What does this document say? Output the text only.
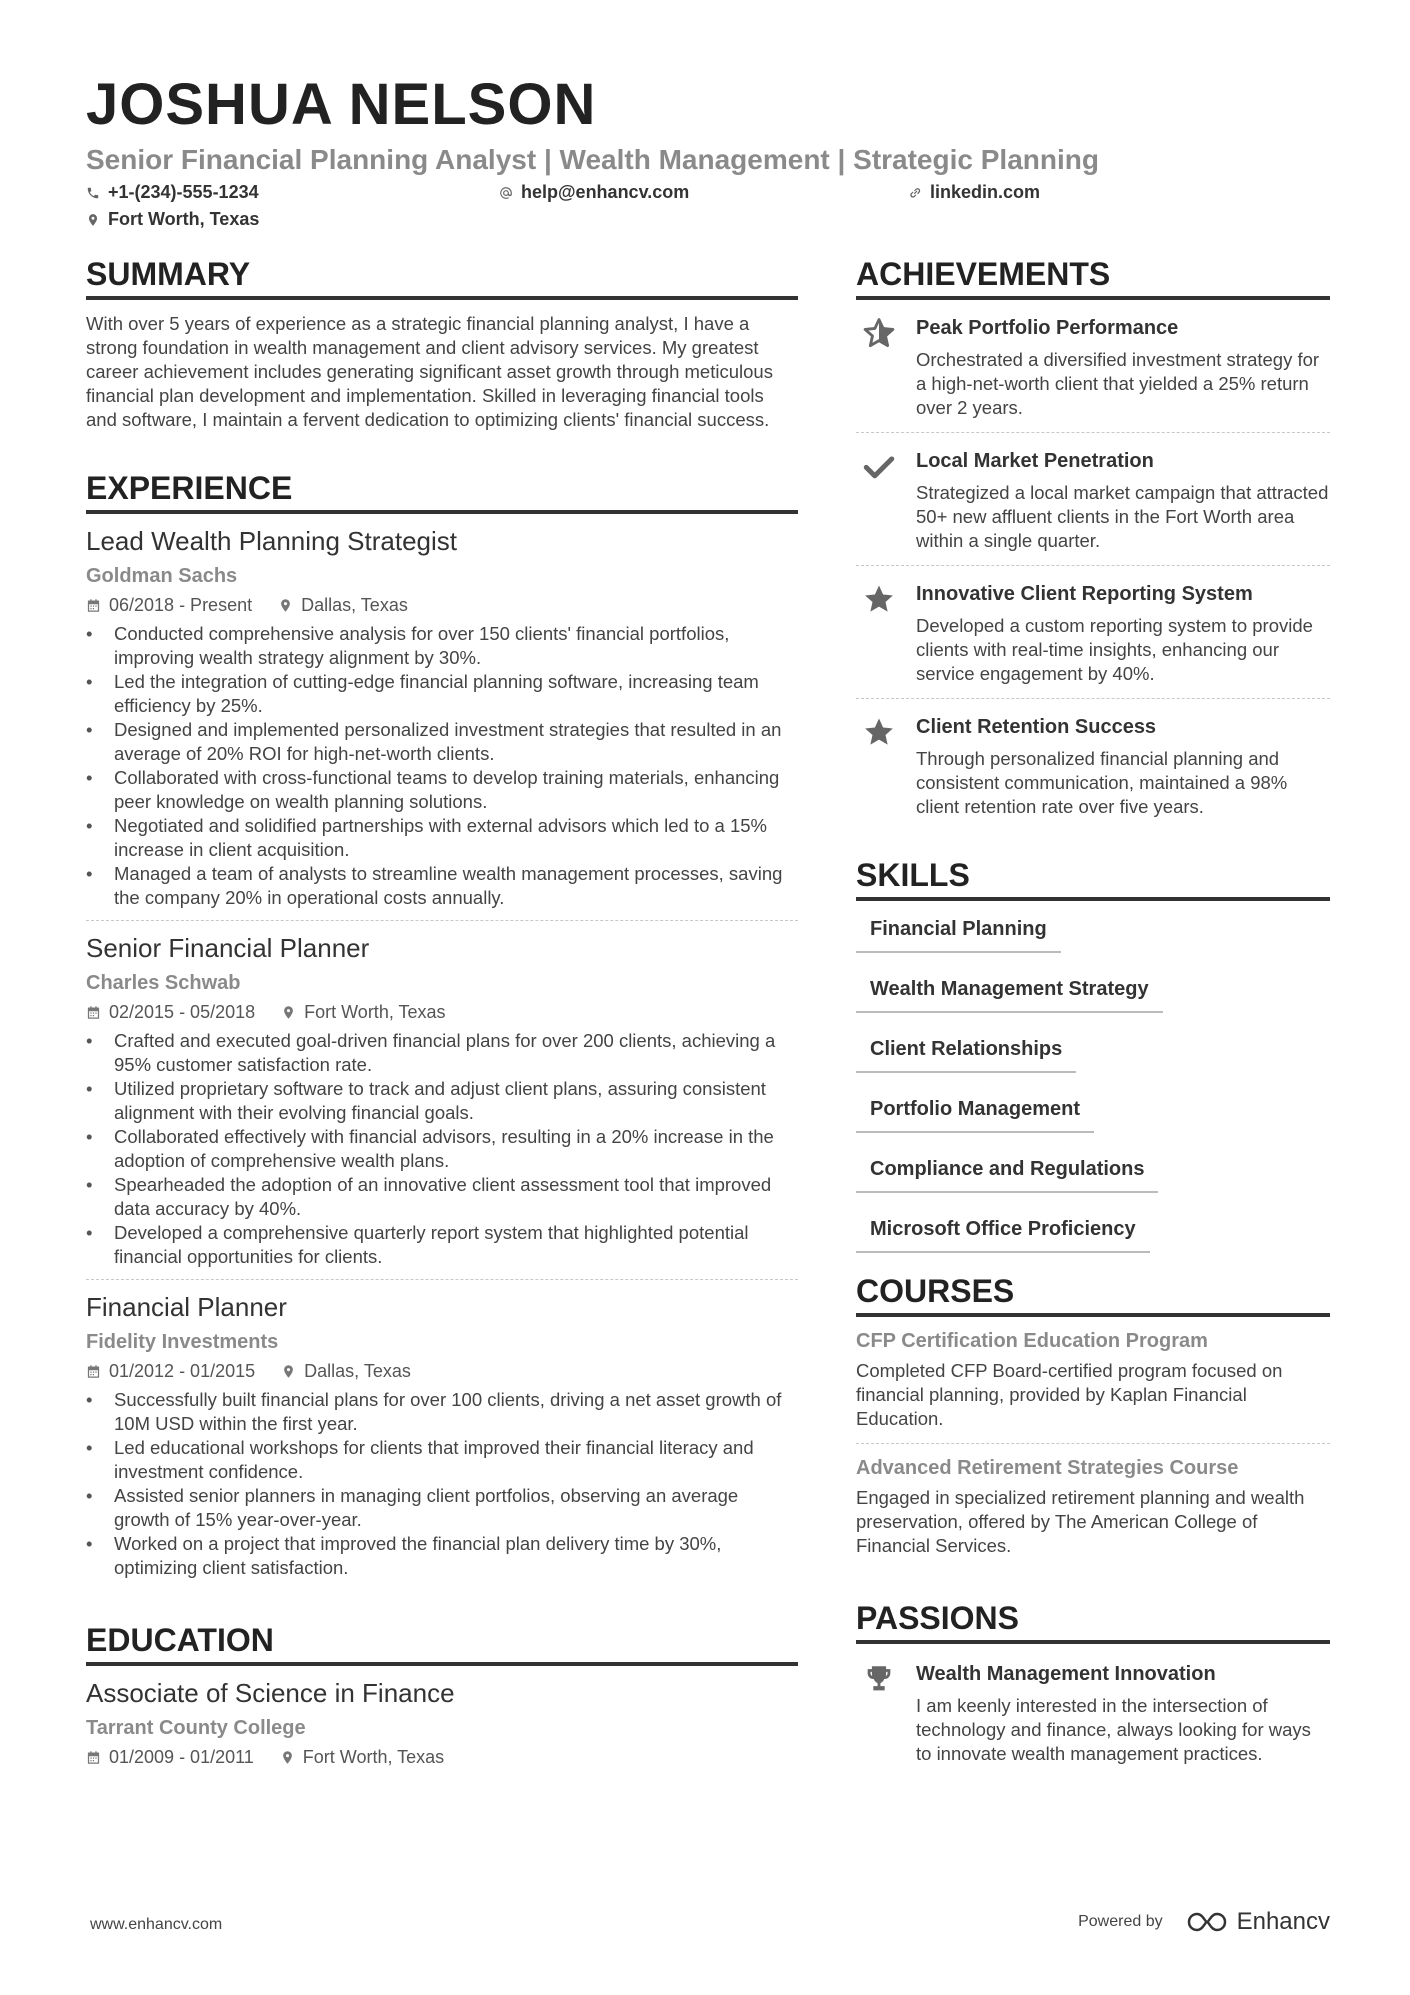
JOSHUA NELSON
Senior Financial Planning Analyst | Wealth Management | Strategic Planning
+1-(234)-555-1234	help@enhancv.com	linkedin.com
Fort Worth, Texas
SUMMARY

With over 5 years of experience as a strategic financial planning analyst, I have a strong foundation in wealth management and client advisory services. My greatest career achievement includes generating significant asset growth through meticulous financial plan development and implementation. Skilled in leveraging financial tools and software, I maintain a fervent dedication to optimizing clients' financial success.

EXPERIENCE
Lead Wealth Planning Strategist
Goldman Sachs
06/2018 - Present	Dallas, Texas
• Conducted comprehensive analysis for over 150 clients' financial portfolios, improving wealth strategy alignment by 30%.
• Led the integration of cutting-edge financial planning software, increasing team efficiency by 25%.
• Designed and implemented personalized investment strategies that resulted in an average of 20% ROI for high-net-worth clients.
• Collaborated with cross-functional teams to develop training materials, enhancing peer knowledge on wealth planning solutions.
• Negotiated and solidified partnerships with external advisors which led to a 15% increase in client acquisition.
• Managed a team of analysts to streamline wealth management processes, saving the company 20% in operational costs annually.
Senior Financial Planner
Charles Schwab
02/2015 - 05/2018	Fort Worth, Texas
• Crafted and executed goal-driven financial plans for over 200 clients, achieving a 95% customer satisfaction rate.
• Utilized proprietary software to track and adjust client plans, assuring consistent alignment with their evolving financial goals.
• Collaborated effectively with financial advisors, resulting in a 20% increase in the adoption of comprehensive wealth plans.
• Spearheaded the adoption of an innovative client assessment tool that improved data accuracy by 40%.
• Developed a comprehensive quarterly report system that highlighted potential financial opportunities for clients.
Financial Planner
Fidelity Investments
01/2012 - 01/2015	Dallas, Texas
• Successfully built financial plans for over 100 clients, driving a net asset growth of 10M USD within the first year.
• Led educational workshops for clients that improved their financial literacy and investment confidence.
• Assisted senior planners in managing client portfolios, observing an average growth of 15% year-over-year.
• Worked on a project that improved the financial plan delivery time by 30%, optimizing client satisfaction.
EDUCATION
Associate of Science in Finance
Tarrant County College
01/2009 - 01/2011	Fort Worth, Texas
ACHIEVEMENTS
Peak Portfolio Performance
Orchestrated a diversified investment strategy for a high-net-worth client that yielded a 25% return over 2 years.
Local Market Penetration
Strategized a local market campaign that attracted 50+ new affluent clients in the Fort Worth area within a single quarter.
Innovative Client Reporting System
Developed a custom reporting system to provide clients with real-time insights, enhancing our service engagement by 40%.
Client Retention Success
Through personalized financial planning and consistent communication, maintained a 98% client retention rate over five years.
SKILLS
Financial Planning
Wealth Management Strategy
Client Relationships
Portfolio Management
Compliance and Regulations
Microsoft Office Proficiency
COURSES
CFP Certification Education Program
Completed CFP Board-certified program focused on financial planning, provided by Kaplan Financial Education.
Advanced Retirement Strategies Course
Engaged in specialized retirement planning and wealth preservation, offered by The American College of Financial Services.
PASSIONS
Wealth Management Innovation
I am keenly interested in the intersection of technology and finance, always looking for ways to innovate wealth management practices.
www.enhancv.com	Powered by	Enhancv
